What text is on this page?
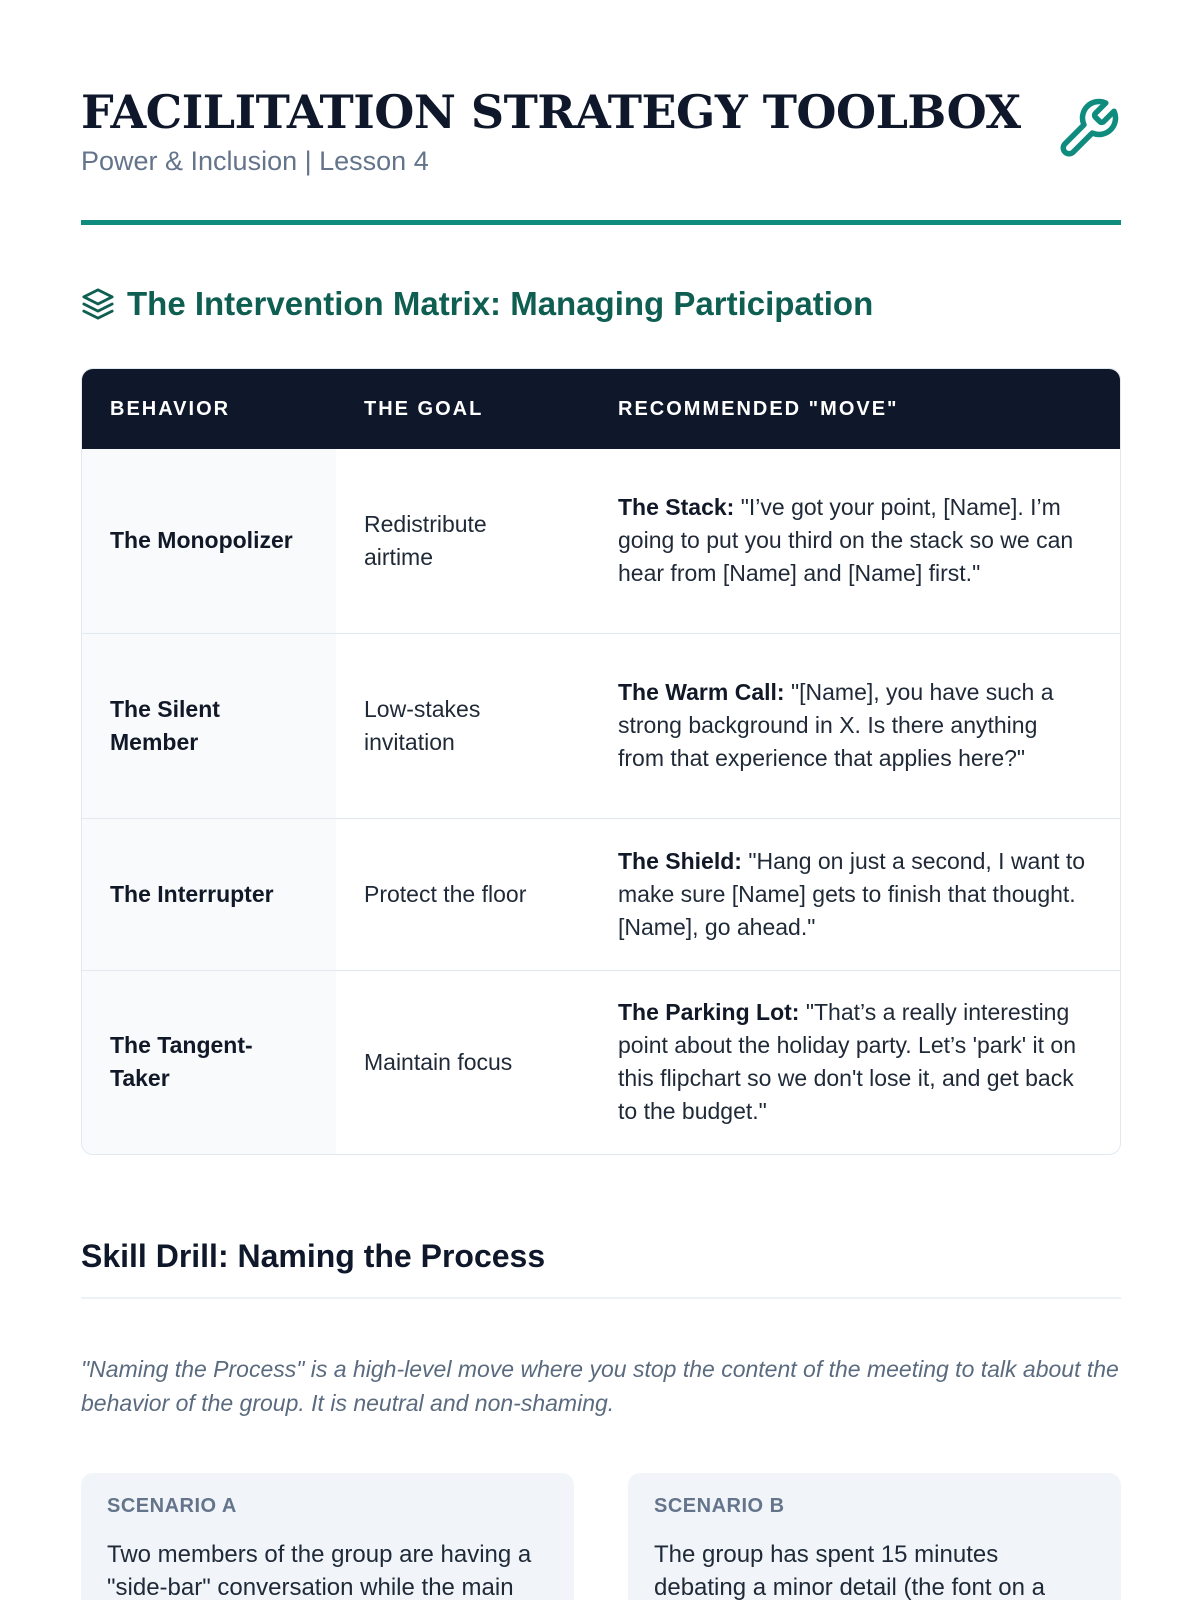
FACILITATION STRATEGY TOOLBOX
Power & Inclusion | Lesson 4
The Intervention Matrix: Managing Participation
BEHAVIOR	THE GOAL	RECOMMENDED "MOVE"
The Monopolizer	Redistribute airtime	The Stack: "I’ve got your point, [Name]. I’m going to put you third on the stack so we can hear from [Name] and [Name] first."
The Silent Member	Low-stakes invitation	The Warm Call: "[Name], you have such a strong background in X. Is there anything from that experience that applies here?"
The Interrupter	Protect the floor	The Shield: "Hang on just a second, I want to make sure [Name] gets to finish that thought. [Name], go ahead."
The Tangent-Taker	Maintain focus	The Parking Lot: "That’s a really interesting point about the holiday party. Let’s 'park' it on this flipchart so we don't lose it, and get back to the budget."
Skill Drill: Naming the Process
"Naming the Process" is a high-level move where you stop the content of the meeting to talk about the behavior of the group. It is neutral and non-shaming.
SCENARIO A
Two members of the group are having a "side-bar" conversation while the main
SCENARIO B
The group has spent 15 minutes debating a minor detail (the font on a
